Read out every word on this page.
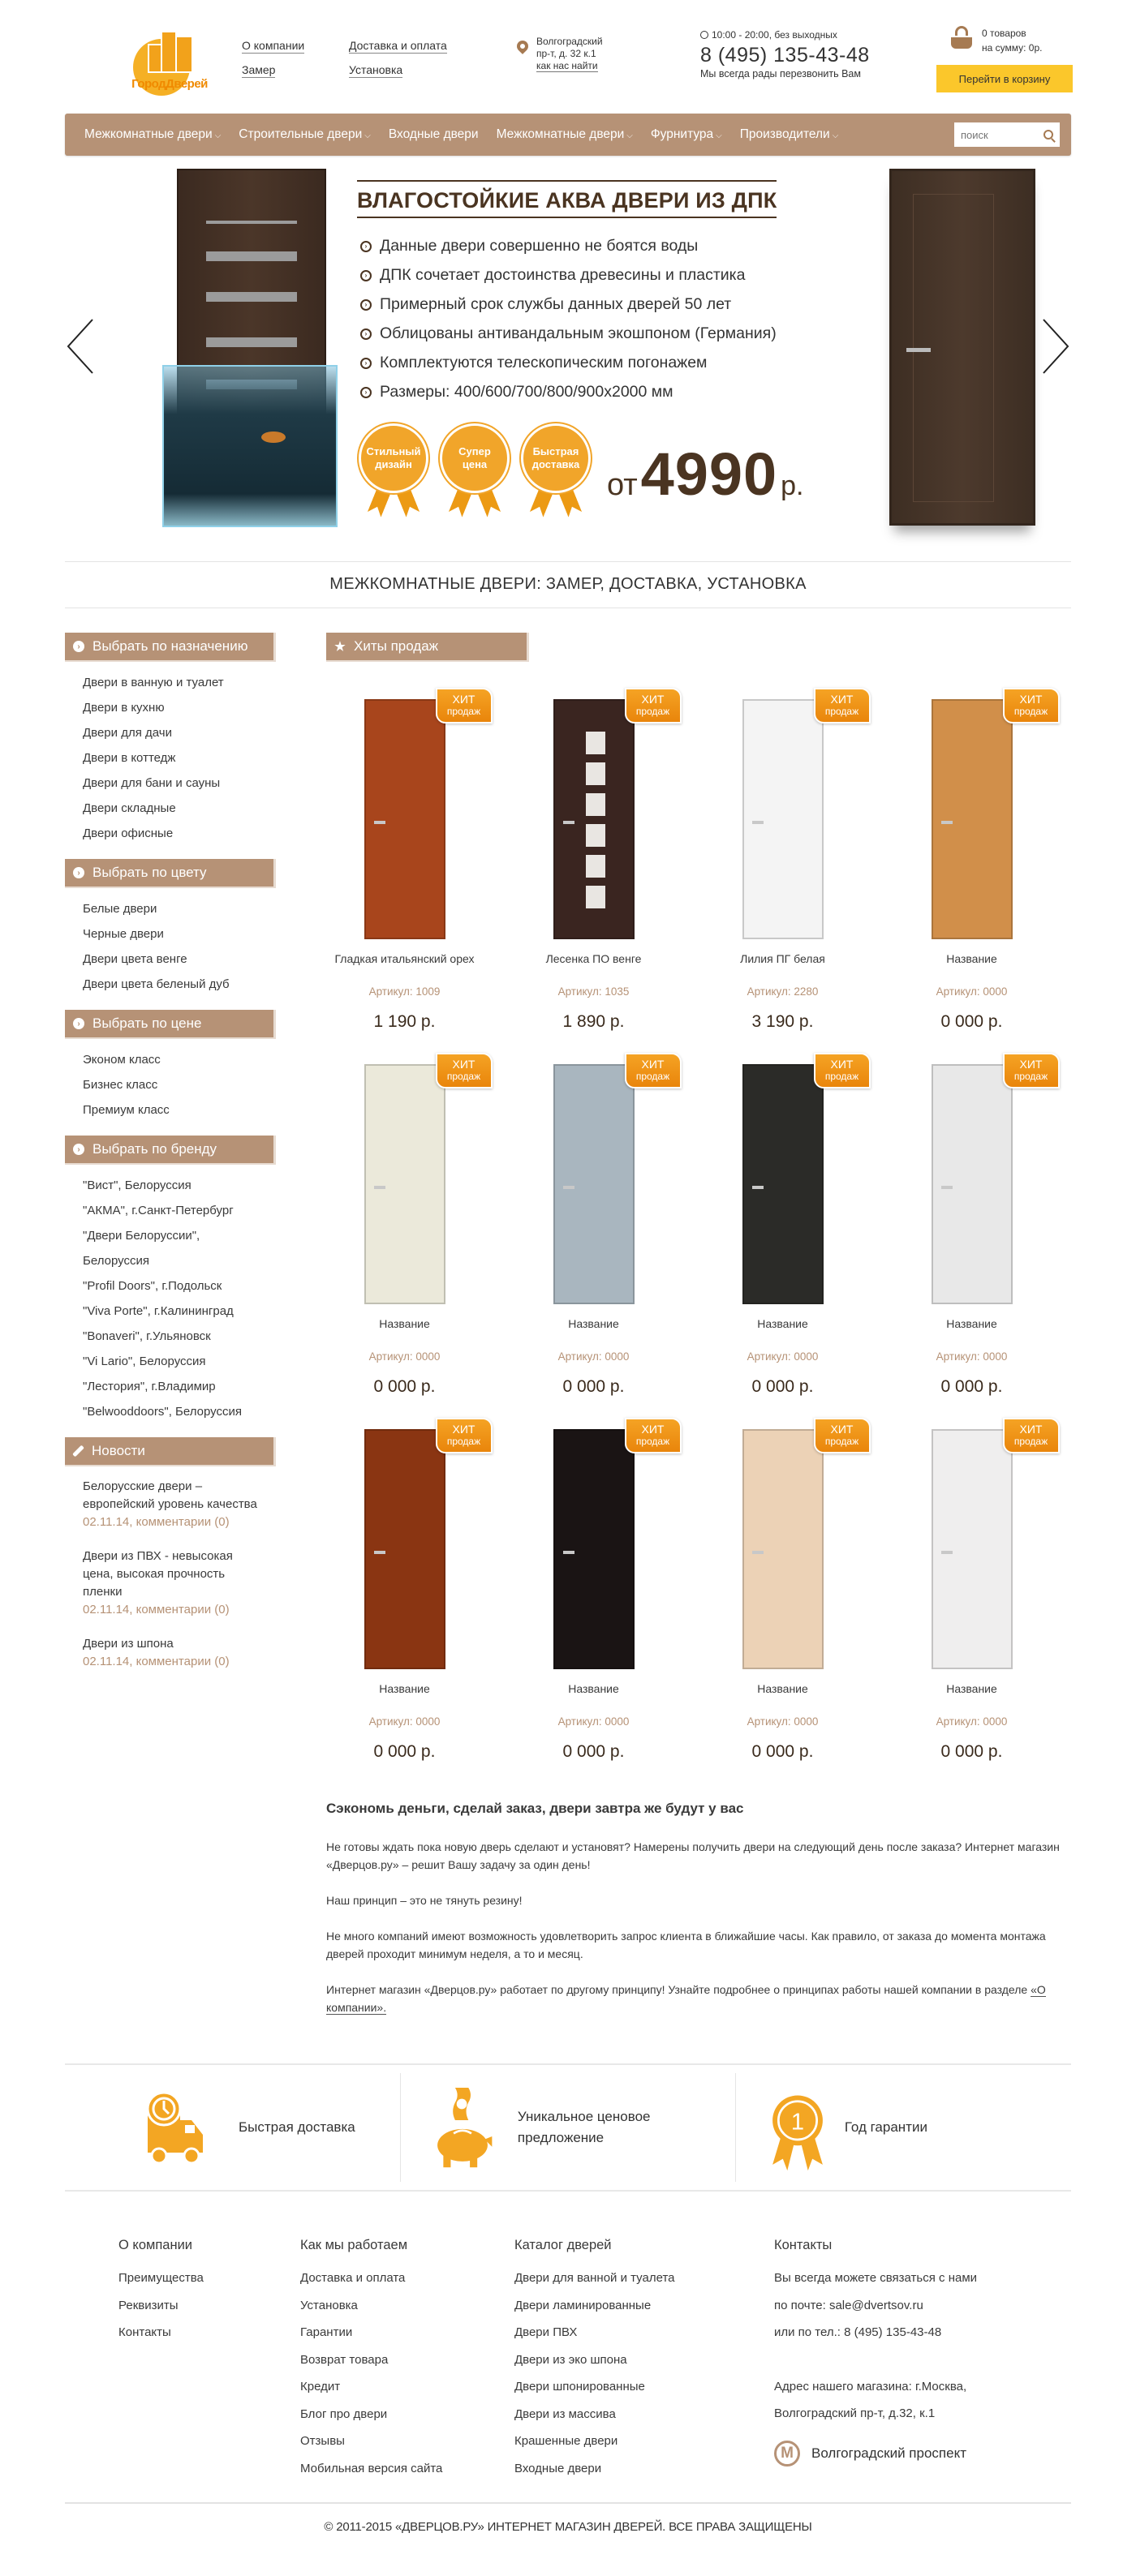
ГородДверей
О компании	Доставка и оплата
Замер	Установка
Волгоградский
пр-т, д. 32 к.1
как нас найти
10:00 - 20:00, без выходных
8 (495) 135-43-48
Мы всегда рады перезвонить Вам
0 товаров
на сумму: 0р.
Перейти в корзину
Межкомнатные двери ⌵ Строительные двери ⌵ Входные двери Межкомнатные двери ⌵ Фурнитура ⌵ Производители ⌵
поиск
ВЛАГОСТОЙКИЕ АКВА ДВЕРИ ИЗ ДПК
› Данные двери совершенно не боятся воды
› ДПК сочетает достоинства древесины и пластика
› Примерный срок службы данных дверей 50 лет
› Облицованы антивандальным экошпоном (Германия)
› Комплектуются телескопическим погонажем
› Размеры: 400/600/700/800/900х2000 мм
Стильный
дизайн
Супер
цена
Быстрая
доставка
от 4990 р.
МЕЖКОМНАТНЫЕ ДВЕРИ: ЗАМЕР, ДОСТАВКА, УСТАНОВКА
› Выбрать по назначению
Двери в ванную и туалет
Двери в кухню
Двери для дачи
Двери в коттедж
Двери для бани и сауны
Двери складные
Двери офисные
› Выбрать по цвету
Белые двери
Черные двери
Двери цвета венге
Двери цвета беленый дуб
› Выбрать по цене
Эконом класс
Бизнес класс
Премиум класс
› Выбрать по бренду
"Вист", Белоруссия
"АКМА", г.Санкт-Петербург
"Двери Белоруссии",
Белоруссия
"Profil Doors", г.Подольск
"Viva Porte", г.Калининград
"Bonaveri", г.Ульяновск
"Vi Lario", Белоруссия
"Лестория", г.Владимир
"Belwooddoors", Белоруссия
Новости
Белорусские двери – европейский уровень качества
02.11.14, комментарии (0)
Двери из ПВХ - невысокая цена, высокая прочность пленки
02.11.14, комментарии (0)
Двери из шпона
02.11.14, комментарии (0)
★ Хиты продаж
ХИТ
продаж
Гладкая итальянский орех
Артикул: 1009
1 190 р.
ХИТ
продаж
Лесенка ПО венге
Артикул: 1035
1 890 р.
ХИТ
продаж
Лилия ПГ белая
Артикул: 2280
3 190 р.
ХИТ
продаж
Название
Артикул: 0000
0 000 р.
ХИТ
продаж
Название
Артикул: 0000
0 000 р.
ХИТ
продаж
Название
Артикул: 0000
0 000 р.
ХИТ
продаж
Название
Артикул: 0000
0 000 р.
ХИТ
продаж
Название
Артикул: 0000
0 000 р.
ХИТ
продаж
Название
Артикул: 0000
0 000 р.
ХИТ
продаж
Название
Артикул: 0000
0 000 р.
ХИТ
продаж
Название
Артикул: 0000
0 000 р.
ХИТ
продаж
Название
Артикул: 0000
0 000 р.
Сэкономь деньги, сделай заказ, двери завтра же будут у вас

Не готовы ждать пока новую дверь сделают и установят? Намерены получить двери на следующий день после заказа? Интернет магазин «Дверцов.ру» – решит Вашу задачу за один день!

Наш принцип – это не тянуть резину!

Не много компаний имеют возможность удовлетворить запрос клиента в ближайшие часы. Как правило, от заказа до момента монтажа дверей проходит минимум неделя, а то и месяц.

Интернет магазин «Дверцов.ру» работает по другому принципу! Узнайте подробнее о принципах работы нашей компании в разделе «О компании».

Быстрая доставка
Уникальное ценовое предложение
1	Год гарантии
О компании
Преимущества
Реквизиты
Контакты
Как мы работаем
Доставка и оплата
Установка
Гарантии
Возврат товара
Кредит
Блог про двери
Отзывы
Мобильная версия сайта
Каталог дверей
Двери для ванной и туалета
Двери ламинированные
Двери ПВХ
Двери из эко шпона
Двери шпонированные
Двери из массива
Крашенные двери
Входные двери
Контакты

Вы всегда можете связаться с нами

по почте: sale@dvertsov.ru

или по тел.: 8 (495) 135-43-48

Адрес нашего магазина: г.Москва,

Волгоградский пр-т, д.32, к.1

M	Волгоградский проспект
© 2011-2015 «ДВЕРЦОВ.РУ» ИНТЕРНЕТ МАГАЗИН ДВЕРЕЙ. ВСЕ ПРАВА ЗАЩИЩЕНЫ
